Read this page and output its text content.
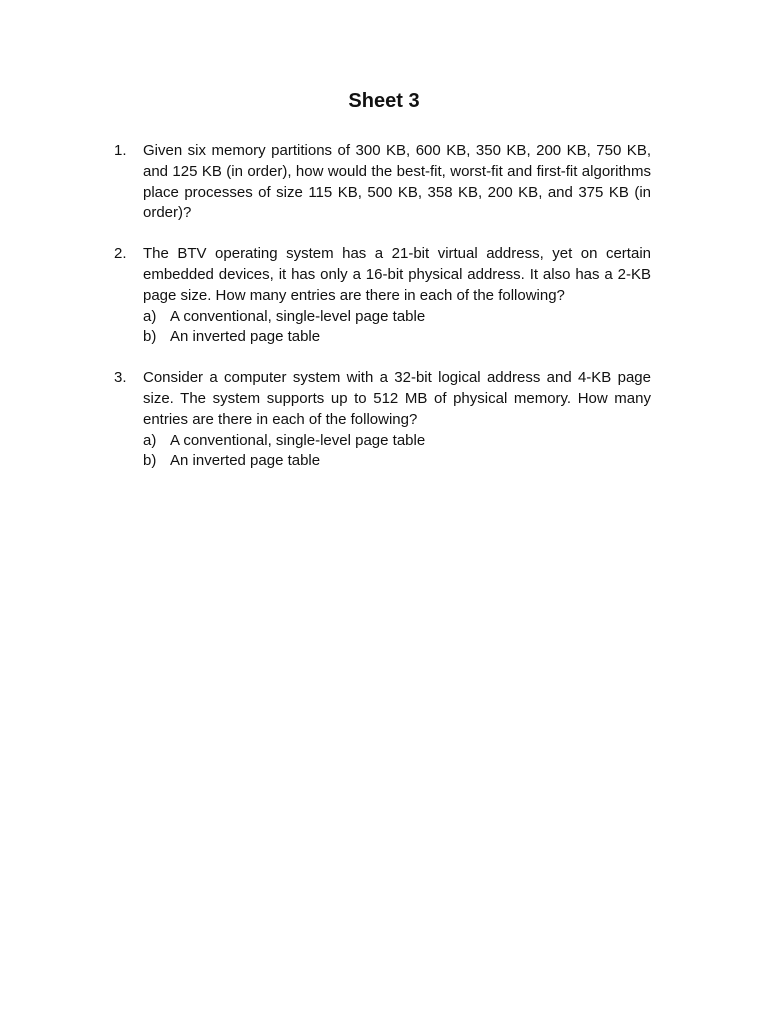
Sheet 3
1. Given six memory partitions of 300 KB, 600 KB, 350 KB, 200 KB, 750 KB, and 125 KB (in order), how would the best-fit, worst-fit and first-fit algorithms place processes of size 115 KB, 500 KB, 358 KB, 200 KB, and 375 KB (in order)?
2. The BTV operating system has a 21-bit virtual address, yet on certain embedded devices, it has only a 16-bit physical address. It also has a 2-KB page size. How many entries are there in each of the following?
a) A conventional, single-level page table
b) An inverted page table
3. Consider a computer system with a 32-bit logical address and 4-KB page size. The system supports up to 512 MB of physical memory. How many entries are there in each of the following?
a) A conventional, single-level page table
b) An inverted page table
